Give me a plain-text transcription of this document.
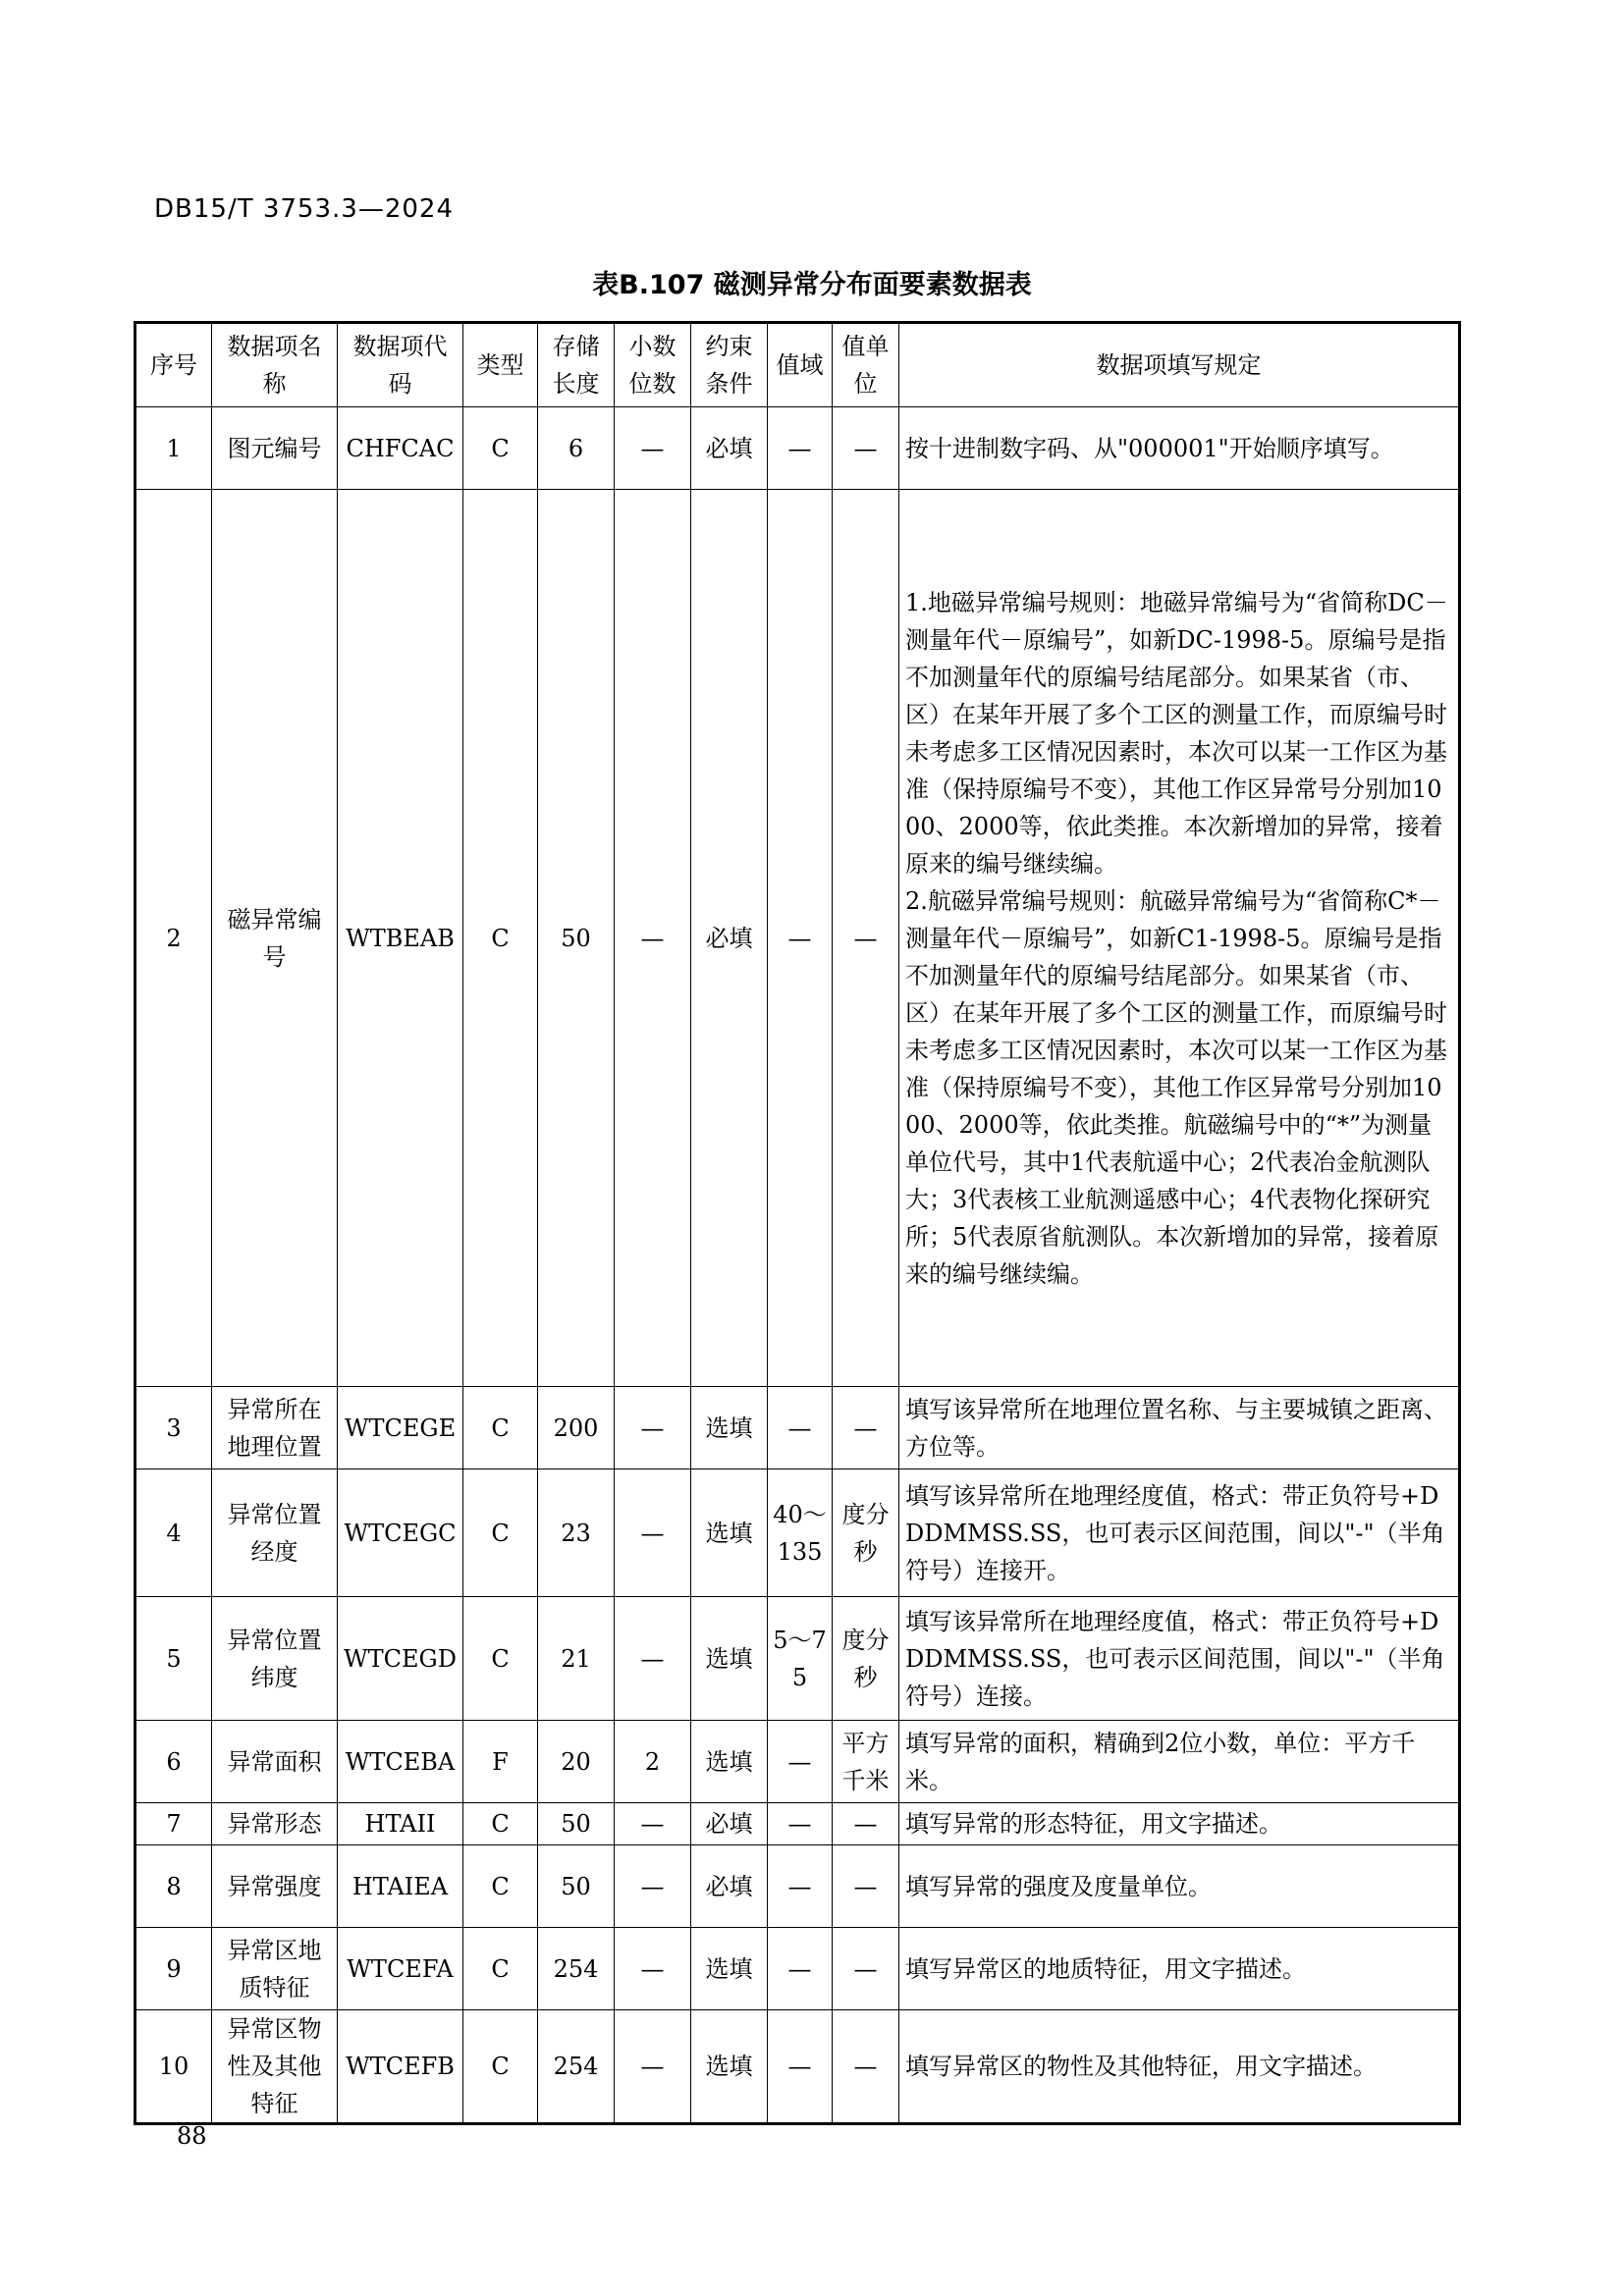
DB15/T 3753.3—2024
表B.107 磁测异常分布面要素数据表
序号	数据项名称	数据项代码	类型	存储长度	小数位数	约束条件	值域	值单位	数据项填写规定
1	图元编号	CHFCAC	C	6	—	必填	—	—	按十进制数字码、从"000001"开始顺序填写。

2	磁异常编号	WTBEAB	C	50	—	必填	—	—	1.地磁异常编号规则：地磁异常编号为“省简称DC－测量年代－原编号”，如新DC-1998-5。原编号是指不加测量年代的原编号结尾部分。如果某省（市、区）在某年开展了多个工区的测量工作，而原编号时未考虑多工区情况因素时，本次可以某一工作区为基准（保持原编号不变），其他工作区异常号分别加1000、2000等，依此类推。本次新增加的异常，接着原来的编号继续编。
2.航磁异常编号规则：航磁异常编号为“省简称C*－测量年代－原编号”，如新C1-1998-5。原编号是指不加测量年代的原编号结尾部分。如果某省（市、区）在某年开展了多个工区的测量工作，而原编号时未考虑多工区情况因素时，本次可以某一工作区为基准（保持原编号不变），其他工作区异常号分别加1000、2000等，依此类推。航磁编号中的“*”为测量单位代号，其中1代表航遥中心；2代表冶金航测队大；3代表核工业航测遥感中心；4代表物化探研究所；5代表原省航测队。本次新增加的异常，接着原来的编号继续编。

3	异常所在地理位置	WTCEGE	C	200	—	选填	—	—	填写该异常所在地理位置名称、与主要城镇之距离、方位等。

4	异常位置经度	WTCEGC	C	23	—	选填	40～135	度分秒	填写该异常所在地理经度值，格式：带正负符号+DDDMMSS.SS，也可表示区间范围，间以"-"（半角符号）连接开。

5	异常位置纬度	WTCEGD	C	21	—	选填	5～75	度分秒	填写该异常所在地理经度值，格式：带正负符号+DDDMMSS.SS，也可表示区间范围，间以"-"（半角符号）连接。

6	异常面积	WTCEBA	F	20	2	选填	—	平方千米	填写异常的面积，精确到2位小数，单位：平方千米。

7	异常形态	HTAII	C	50	—	必填	—	—	填写异常的形态特征，用文字描述。

8	异常强度	HTAIEA	C	50	—	必填	—	—	填写异常的强度及度量单位。

9	异常区地质特征	WTCEFA	C	254	—	选填	—	—	填写异常区的地质特征，用文字描述。

10	异常区物性及其他特征	WTCEFB	C	254	—	选填	—	—	填写异常区的物性及其他特征，用文字描述。
88
